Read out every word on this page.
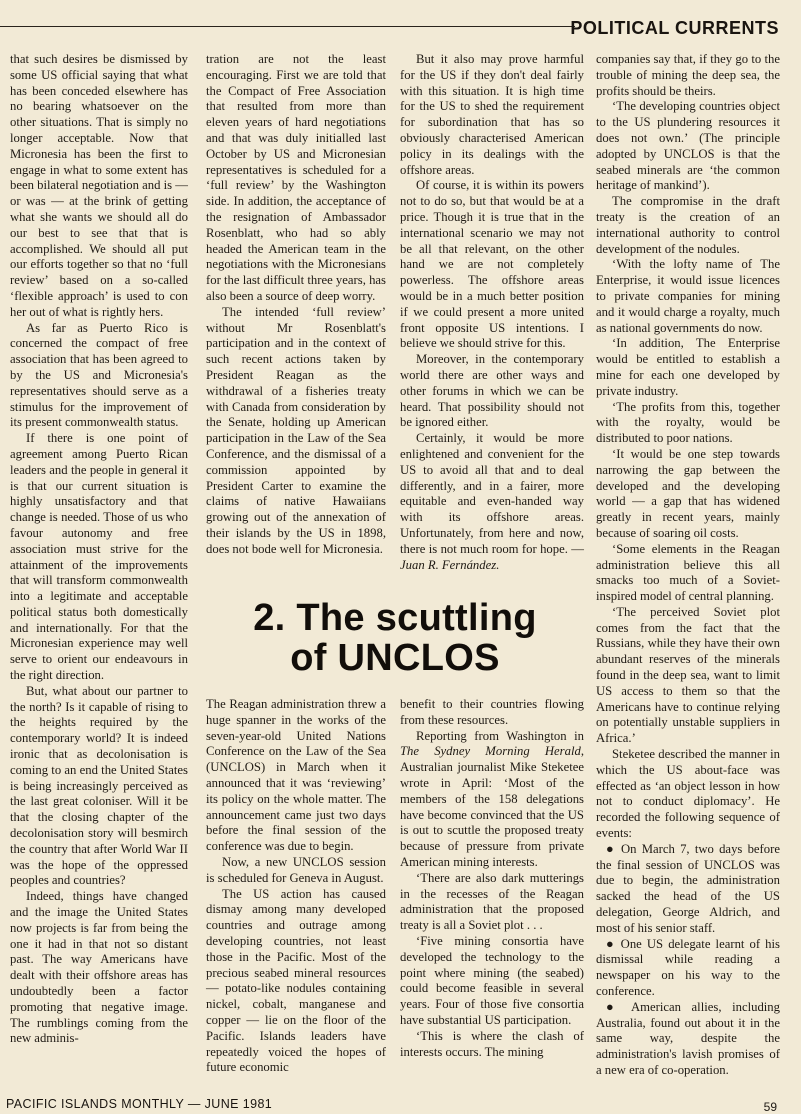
POLITICAL CURRENTS

that such desires be dismissed by some US official saying that what has been conceded elsewhere has no bearing whatsoever on the other situations. That is simply no longer acceptable. Now that Micronesia has been the first to engage in what to some extent has been bilateral negotiation and is — or was — at the brink of getting what she wants we should all do our best to see that that is accomplished. We should all put our efforts together so that no ‘full review’ based on a so-called ‘flexible approach’ is used to con her out of what is rightly hers.

As far as Puerto Rico is concerned the compact of free association that has been agreed to by the US and Micronesia's representatives should serve as a stimulus for the improvement of its present commonwealth status.

If there is one point of agreement among Puerto Rican leaders and the people in general it is that our current situation is highly unsatisfactory and that change is needed. Those of us who favour autonomy and free association must strive for the attainment of the improvements that will transform commonwealth into a legitimate and acceptable political status both domestically and internationally. For that the Micronesian experience may well serve to orient our endeavours in the right direction.

But, what about our partner to the north? Is it capable of rising to the heights required by the contemporary world? It is indeed ironic that as decolonisation is coming to an end the United States is being increasingly perceived as the last great coloniser. Will it be that the closing chapter of the decolonisation story will besmirch the country that after World War II was the hope of the oppressed peoples and countries?

Indeed, things have changed and the image the United States now projects is far from being the one it had in that not so distant past. The way Americans have dealt with their offshore areas has undoubtedly been a factor promoting that negative image. The rumblings coming from the new adminis-

tration are not the least encouraging. First we are told that the Compact of Free Association that resulted from more than eleven years of hard negotiations and that was duly initialled last October by US and Micronesian representatives is scheduled for a ‘full review’ by the Washington side. In addition, the acceptance of the resignation of Ambassador Rosenblatt, who had so ably headed the American team in the negotiations with the Micronesians for the last difficult three years, has also been a source of deep worry.

The intended ‘full review’ without Mr Rosenblatt's participation and in the context of such recent actions taken by President Reagan as the withdrawal of a fisheries treaty with Canada from consideration by the Senate, holding up American participation in the Law of the Sea Conference, and the dismissal of a commission appointed by President Carter to examine the claims of native Hawaiians growing out of the annexation of their islands by the US in 1898, does not bode well for Micronesia.

But it also may prove harmful for the US if they don't deal fairly with this situation. It is high time for the US to shed the requirement for subordination that has so obviously characterised American policy in its dealings with the offshore areas.

Of course, it is within its powers not to do so, but that would be at a price. Though it is true that in the international scenario we may not be all that relevant, on the other hand we are not completely powerless. The offshore areas would be in a much better position if we could present a more united front opposite US intentions. I believe we should strive for this.

Moreover, in the contemporary world there are other ways and other forums in which we can be heard. That possibility should not be ignored either.

Certainly, it would be more enlightened and convenient for the US to avoid all that and to deal differently, and in a fairer, more equitable and even-handed way with its offshore areas. Unfortunately, from here and now, there is not much room for hope. — Juan R. Fernández.

companies say that, if they go to the trouble of mining the deep sea, the profits should be theirs.

‘The developing countries object to the US plundering resources it does not own.’ (The principle adopted by UNCLOS is that the seabed minerals are ‘the common heritage of mankind’).

The compromise in the draft treaty is the creation of an international authority to control development of the nodules.

‘With the lofty name of The Enterprise, it would issue licences to private companies for mining and it would charge a royalty, much as national governments do now.

‘In addition, The Enterprise would be entitled to establish a mine for each one developed by private industry.

‘The profits from this, together with the royalty, would be distributed to poor nations.

‘It would be one step towards narrowing the gap between the developed and the developing world — a gap that has widened greatly in recent years, mainly because of soaring oil costs.

‘Some elements in the Reagan administration believe this all smacks too much of a Soviet-inspired model of central planning.

‘The perceived Soviet plot comes from the fact that the Russians, while they have their own abundant reserves of the minerals found in the deep sea, want to limit US access to them so that the Americans have to continue relying on potentially unstable suppliers in Africa.’

Steketee described the manner in which the US about-face was effected as ‘an object lesson in how not to conduct diplomacy’. He recorded the following sequence of events:

● On March 7, two days before the final session of UNCLOS was due to begin, the administration sacked the head of the US delegation, George Aldrich, and most of his senior staff.

● One US delegate learnt of his dismissal while reading a newspaper on his way to the conference.

● American allies, including Australia, found out about it in the same way, despite the administration's lavish promises of a new era of co-operation.

2. The scuttling
of UNCLOS

The Reagan administration threw a huge spanner in the works of the seven-year-old United Nations Conference on the Law of the Sea (UNCLOS) in March when it announced that it was ‘reviewing’ its policy on the whole matter. The announcement came just two days before the final session of the conference was due to begin.

Now, a new UNCLOS session is scheduled for Geneva in August.

The US action has caused dismay among many developed countries and outrage among developing countries, not least those in the Pacific. Most of the precious seabed mineral resources — potato-like nodules containing nickel, cobalt, manganese and copper — lie on the floor of the Pacific. Islands leaders have repeatedly voiced the hopes of future economic

benefit to their countries flowing from these resources.

Reporting from Washington in The Sydney Morning Herald, Australian journalist Mike Steketee wrote in April: ‘Most of the members of the 158 delegations have become convinced that the US is out to scuttle the proposed treaty because of pressure from private American mining interests.

‘There are also dark mutterings in the recesses of the Reagan administration that the proposed treaty is all a Soviet plot . . .

‘Five mining consortia have developed the technology to the point where mining (the seabed) could become feasible in several years. Four of those five consortia have substantial US participation.

‘This is where the clash of interests occurs. The mining

PACIFIC ISLANDS MONTHLY — JUNE 1981	59
